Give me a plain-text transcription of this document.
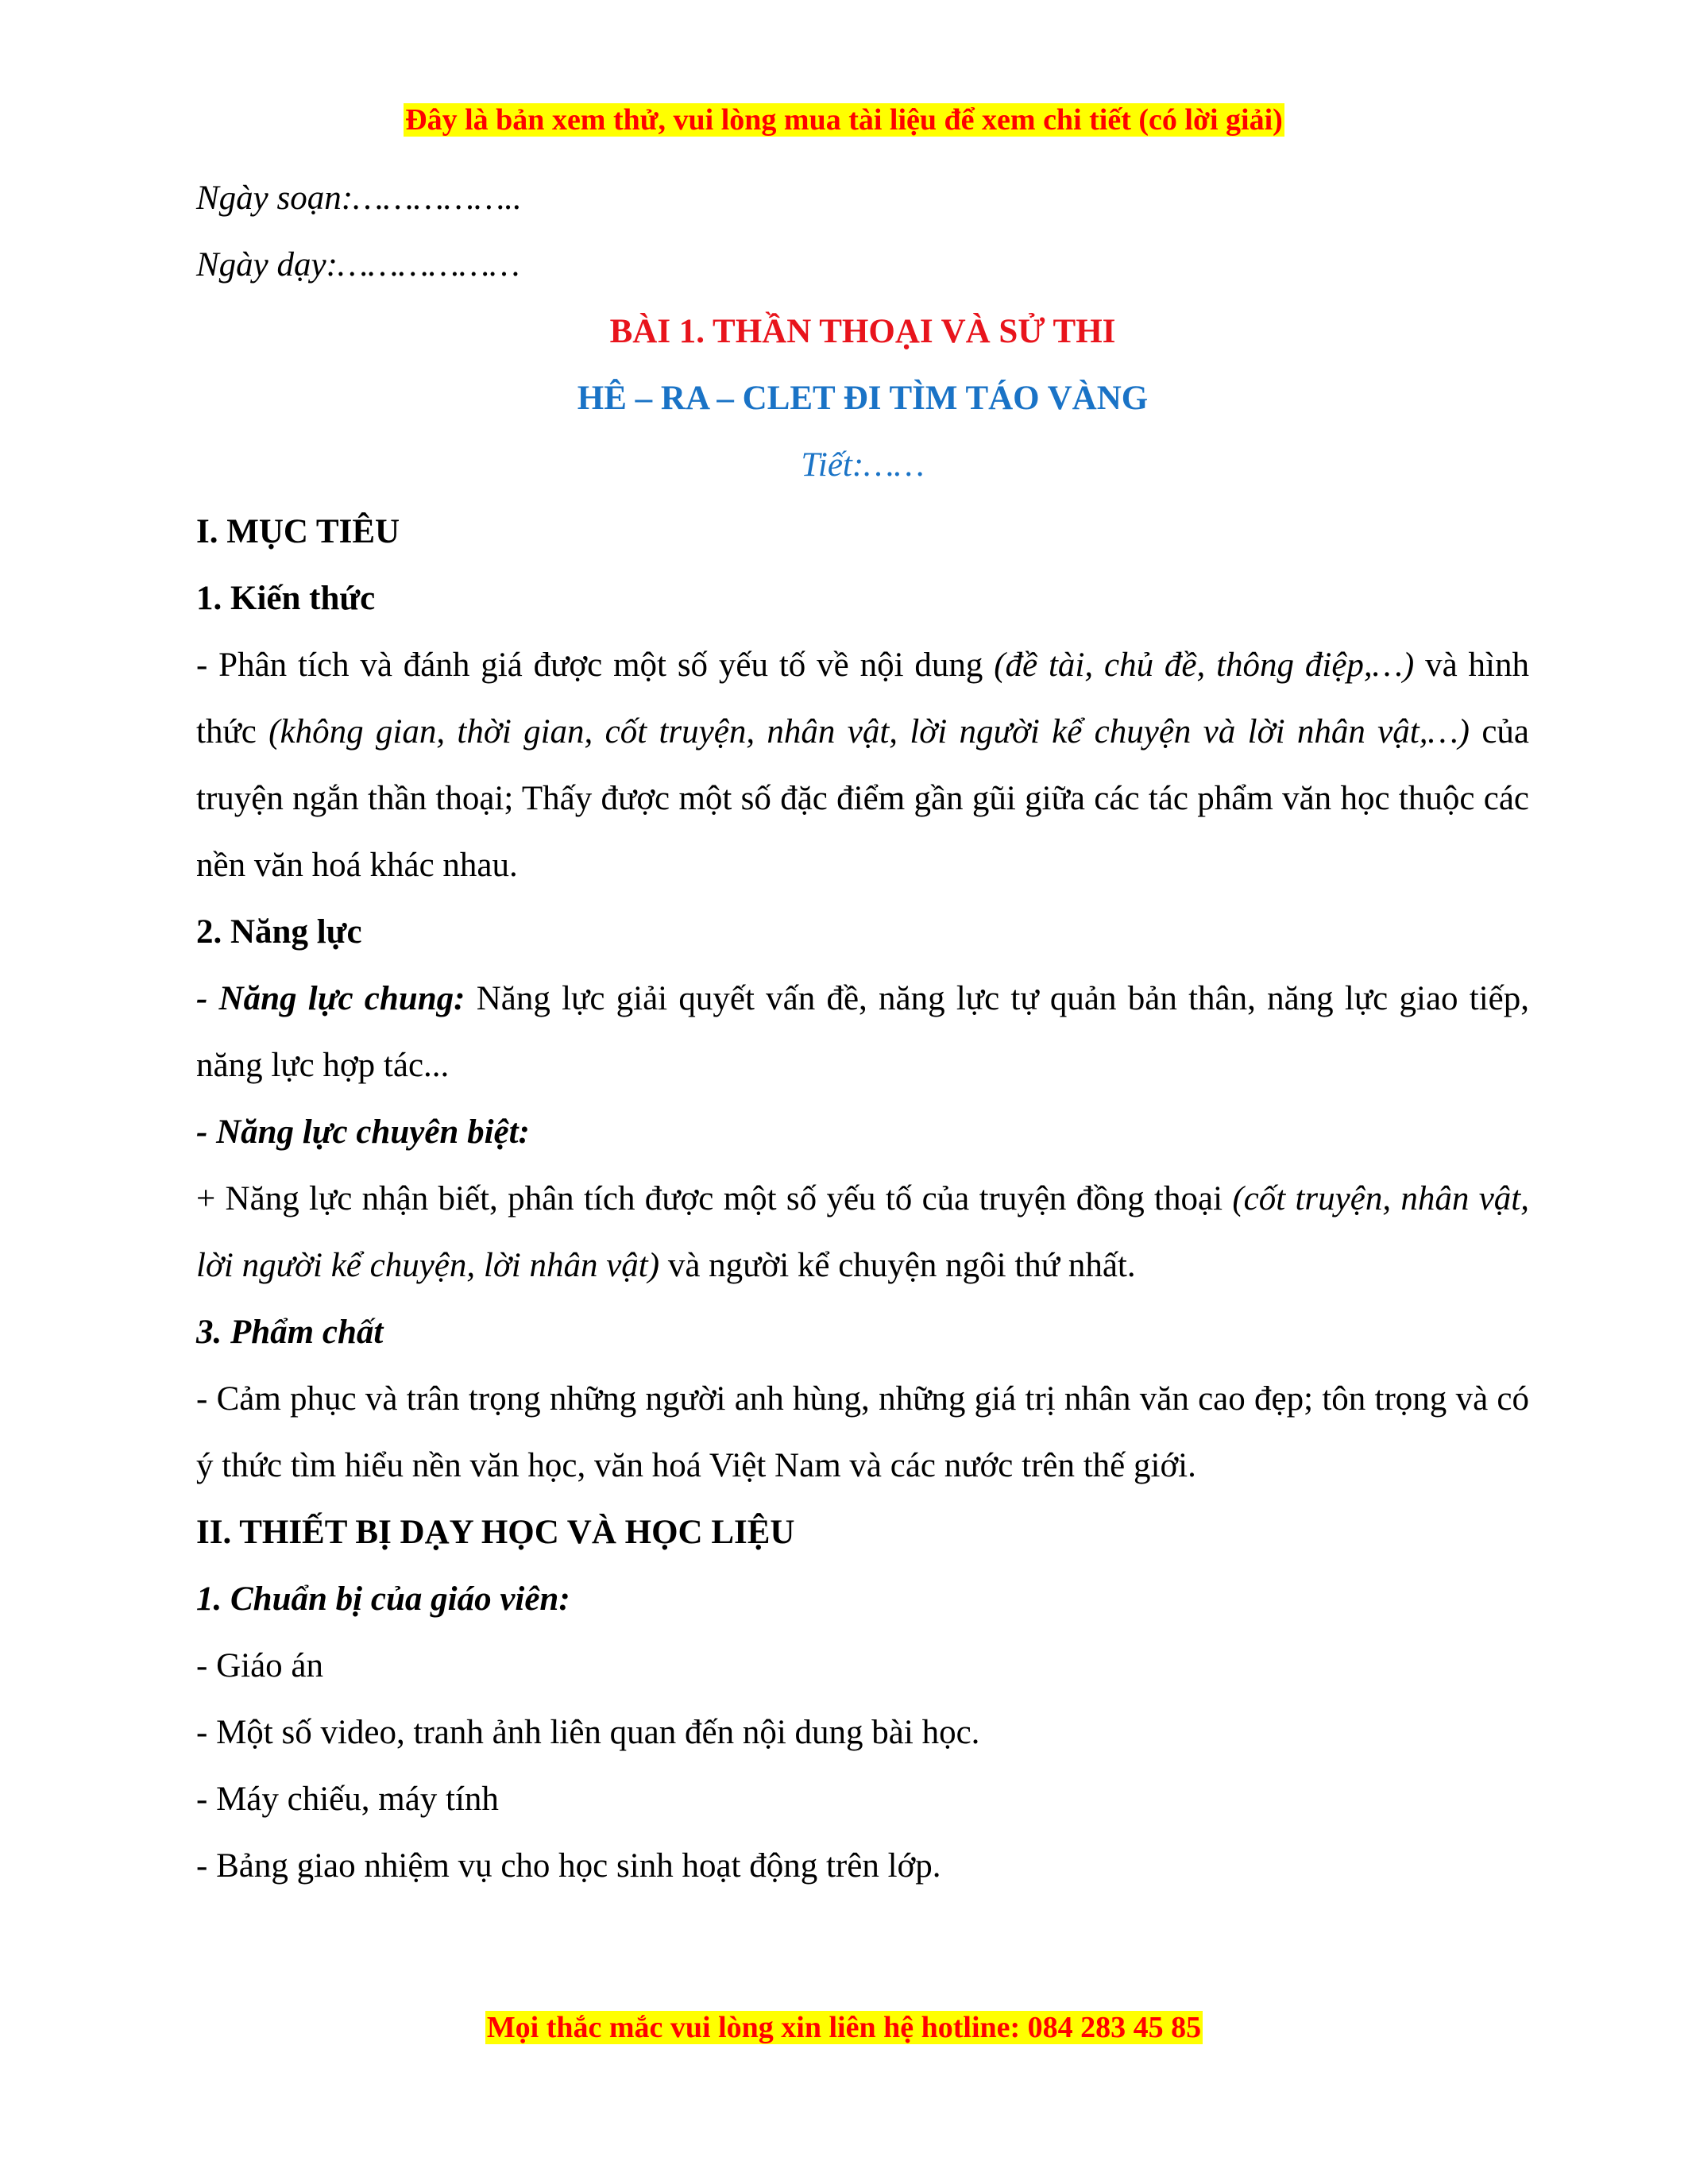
Đây là bản xem thử, vui lòng mua tài liệu để xem chi tiết (có lời giải)

Ngày soạn:……………..

Ngày dạy:………………

BÀI 1. THẦN THOẠI VÀ SỬ THI

HÊ – RA – CLET ĐI TÌM TÁO VÀNG

Tiết:……

I. MỤC TIÊU

1. Kiến thức

- Phân tích và đánh giá được một số yếu tố về nội dung (đề tài, chủ đề, thông điệp,…) và hình thức (không gian, thời gian, cốt truyện, nhân vật, lời người kể chuyện và lời nhân vật,…) của truyện ngắn thần thoại; Thấy được một số đặc điểm gần gũi giữa các tác phẩm văn học thuộc các nền văn hoá khác nhau.

2. Năng lực

- Năng lực chung: Năng lực giải quyết vấn đề, năng lực tự quản bản thân, năng lực giao tiếp, năng lực hợp tác...

- Năng lực chuyên biệt:

+ Năng lực nhận biết, phân tích được một số yếu tố của truyện đồng thoại (cốt truyện, nhân vật, lời người kể chuyện, lời nhân vật) và người kể chuyện ngôi thứ nhất.

3. Phẩm chất

- Cảm phục và trân trọng những người anh hùng, những giá trị nhân văn cao đẹp; tôn trọng và có ý thức tìm hiểu nền văn học, văn hoá Việt Nam và các nước trên thế giới.

II. THIẾT BỊ DẠY HỌC VÀ HỌC LIỆU

1. Chuẩn bị của giáo viên:

- Giáo án

- Một số video, tranh ảnh liên quan đến nội dung bài học.

- Máy chiếu, máy tính

- Bảng giao nhiệm vụ cho học sinh hoạt động trên lớp.

Mọi thắc mắc vui lòng xin liên hệ hotline: 084 283 45 85
